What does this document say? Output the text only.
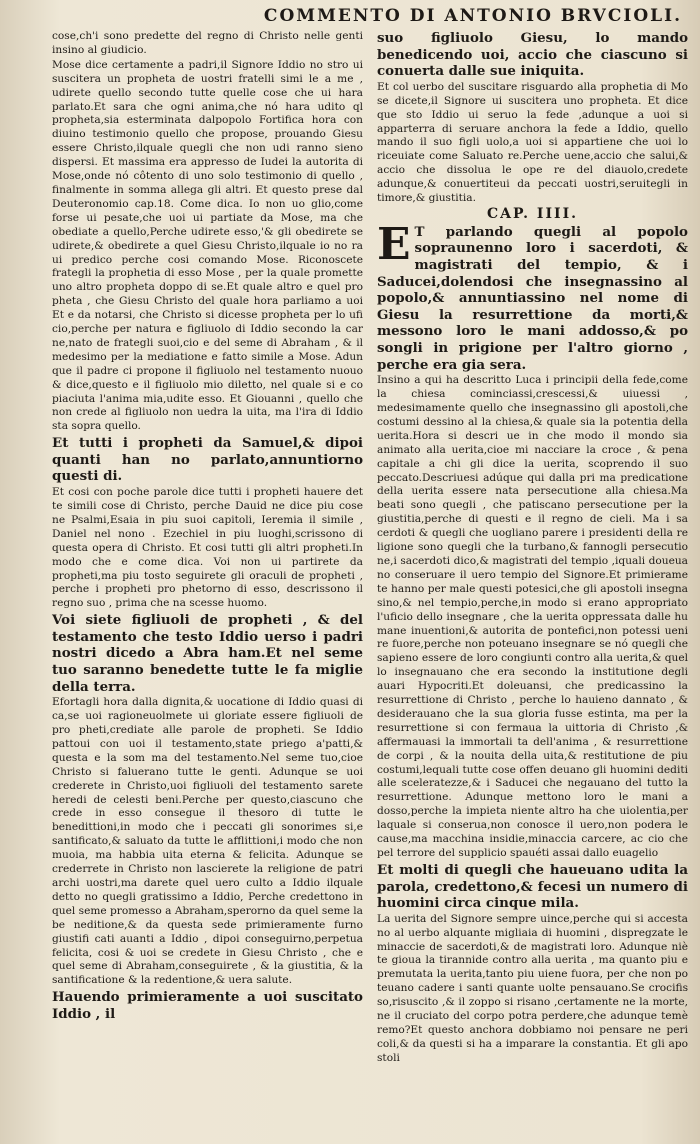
COMMENTO DI ANTONIO BRVCIOLI.

cose,ch'i sono predette del regno di Christo nelle genti insino al giudicio.

Mose dice certamente a padri,il Signore Iddio no stro ui suscitera un propheta de uostri fratelli simi le a me , udirete quello secondo tutte quelle cose che ui hara parlato.Et sara che ogni anima,che nó hara udito ql propheta,sia esterminata dalpopolo Fortifica hora con diuino testimonio quello che propose, prouando Giesu essere Christo,ilquale quegli che non udi ranno sieno dispersi. Et massima era appresso de Iudei la autorita di Mose,onde nó côtento di uno solo testimonio di quello , finalmente in somma allega gli altri. Et questo prese dal Deuteronomio cap.18. Come dica. Io non uo glio,come forse ui pesate,che uoi ui partiate da Mose, ma che obediate a quello,Perche udirete esso,'& gli obedirete se udirete,& obedirete a quel Giesu Christo,ilquale io no ra ui predico perche cosi comando Mose. Riconoscete frategli la prophetia di esso Mose , per la quale promette uno altro propheta doppo di se.Et quale altro e quel pro pheta , che Giesu Christo del quale hora parliamo a uoi Et e da notarsi, che Christo si dicesse propheta per lo ufi cio,perche per natura e figliuolo di Iddio secondo la car ne,nato de frategli suoi,cio e del seme di Abraham , & il medesimo per la mediatione e fatto simile a Mose. Adun que il padre ci propone il figliuolo nel testamento nuouo & dice,questo e il figliuolo mio diletto, nel quale si e co piaciuta l'anima mia,udite esso. Et Giouanni , quello che non crede al figliuolo non uedra la uita, ma l'ira di Iddio sta sopra quello.

Et tutti i propheti da Samuel,& dipoi quanti han no parlato,annuntiorno questi di.

Et cosi con poche parole dice tutti i propheti hauere det te simili cose di Christo, perche Dauid ne dice piu cose ne Psalmi,Esaia in piu suoi capitoli, Ieremia il simile , Daniel nel nono . Ezechiel in piu luoghi,scrissono di questa opera di Christo. Et cosi tutti gli altri propheti.In modo che e come dica. Voi non ui partirete da propheti,ma piu tosto seguirete gli oraculi de propheti , perche i propheti pro phetorno di esso, descrissono il regno suo , prima che na scesse huomo.

Voi siete figliuoli de propheti , & del testamento che testo Iddio uerso i padri nostri dicedo a Abra ham.Et nel seme tuo saranno benedette tutte le fa miglie della terra.

Efortagli hora dalla dignita,& uocatione di Iddio quasi di ca,se uoi ragioneuolmete ui gloriate essere figliuoli de pro pheti,crediate alle parole de propheti. Se Iddio pattoui con uoi il testamento,state priego a'patti,& questa e la som ma del testamento.Nel seme tuo,cioe Christo si faluerano tutte le genti. Adunque se uoi crederete in Christo,uoi figliuoli del testamento sarete heredi de celesti beni.Perche per questo,ciascuno che crede in esso consegue il thesoro di tutte le benedittioni,in modo che i peccati gli sonorimes si,e santificato,& saluato da tutte le afflittioni,i modo che non muoia, ma habbia uita eterna & felicita. Adunque se crederrete in Christo non lascierete la religione de patri archi uostri,ma darete quel uero culto a Iddio ilquale detto no quegli gratissimo a Iddio, Perche credettono in quel seme promesso a Abraham,sperorno da quel seme la be neditione,& da questa sede primieramente furno giustifi cati auanti a Iddio , dipoi conseguirno,perpetua felicita, cosi & uoi se credete in Giesu Christo , che e quel seme di Abraham,conseguirete , & la giustitia, & la santificatione & la redentione,& uera salute.

Hauendo primieramente a uoi suscitato Iddio , il

suo figliuolo Giesu, lo mando benedicendo uoi, accio che ciascuno si conuerta dalle sue iniquita.

Et col uerbo del suscitare risguardo alla prophetia di Mo se dicete,il Signore ui suscitera uno propheta. Et dice que sto Iddio ui seruo la fede ,adunque a uoi si apparterra di seruare anchora la fede a Iddio, quello mando il suo figli uolo,a uoi si appartiene che uoi lo riceuiate come Saluato re.Perche uene,accio che salui,& accio che dissolua le ope re del diauolo,credete adunque,& conuertiteui da peccati uostri,seruitegli in timore,& giustitia.

CAP. IIII.

E T parlando quegli al popolo sopraunenno loro i sacerdoti, & magistrati del tempio, & i Saducei,dolendosi che insegnassino al popolo,& annuntiassino nel nome di Giesu la resurrettione da morti,& messono loro le mani addosso,& po songli in prigione per l'altro giorno , perche era gia sera.

Insino a qui ha descritto Luca i principii della fede,come la chiesa cominciassi,crescessi,& uiuessi , medesimamente quello che insegnassino gli apostoli,che costumi dessino al la chiesa,& quale sia la potentia della uerita.Hora si descri ue in che modo il mondo sia animato alla uerita,cioe mi nacciare la croce , & pena capitale a chi gli dice la uerita, scoprendo il suo peccato.Descriuesi adúque qui dalla pri ma predicatione della uerita essere nata persecutione alla chiesa.Ma beati sono quegli , che patiscano persecutione per la giustitia,perche di questi e il regno de cieli. Ma i sa cerdoti & quegli che uogliano parere i presidenti della re ligione sono quegli che la turbano,& fannogli persecutio ne,i sacerdoti dico,& magistrati del tempio ,iquali doueua no conseruare il uero tempio del Signore.Et primierame te hanno per male questi potesici,che gli apostoli insegna sino,& nel tempio,perche,in modo si erano appropriato l'uficio dello insegnare , che la uerita oppressata dalle hu mane inuentioni,& autorita de pontefici,non potessi ueni re fuore,perche non poteuano insegnare se nó quegli che sapieno essere de loro congiunti contro alla uerita,& quel lo insegnauano che era secondo la institutione degli auari Hypocriti.Et doleuansi, che predicassino la resurrettione di Christo , perche lo hauieno dannato , & desiderauano che la sua gloria fusse estinta, ma per la resurrettione si con fermaua la uittoria di Christo ,& affermauasi la immortali ta dell'anima , & resurrettione de corpi , & la nouita della uita,& restitutione de piu costumi,lequali tutte cose offen deuano gli huomini dediti alle sceleratezze,& i Saducei che negauano del tutto la resurrettione. Adunque mettono loro le mani a dosso,perche la impieta niente altro ha che uiolentia,per laquale si conserua,non conosce il uero,non podera le cause,ma macchina insidie,minaccia carcere, ac cio che pel terrore del supplicio spauéti assai dallo euagelio

Et molti di quegli che haueuano udita la parola, credettono,& fecesi un numero di huomini circa cinque mila.

La uerita del Signore sempre uince,perche qui si accesta no al uerbo alquante migliaia di huomini , dispregzate le minaccie de sacerdoti,& de magistrati loro. Adunque niè te gioua la tirannide contro alla uerita , ma quanto piu e premutata la uerita,tanto piu uiene fuora, per che non po teuano cadere i santi quante uolte pensauano.Se crocifis so,risuscito ,& il zoppo si risano ,certamente ne la morte, ne il cruciato del corpo potra perdere,che adunque temè remo?Et questo anchora dobbiamo noi pensare ne peri coli,& da questi si ha a imparare la constantia. Et gli apo stoli
